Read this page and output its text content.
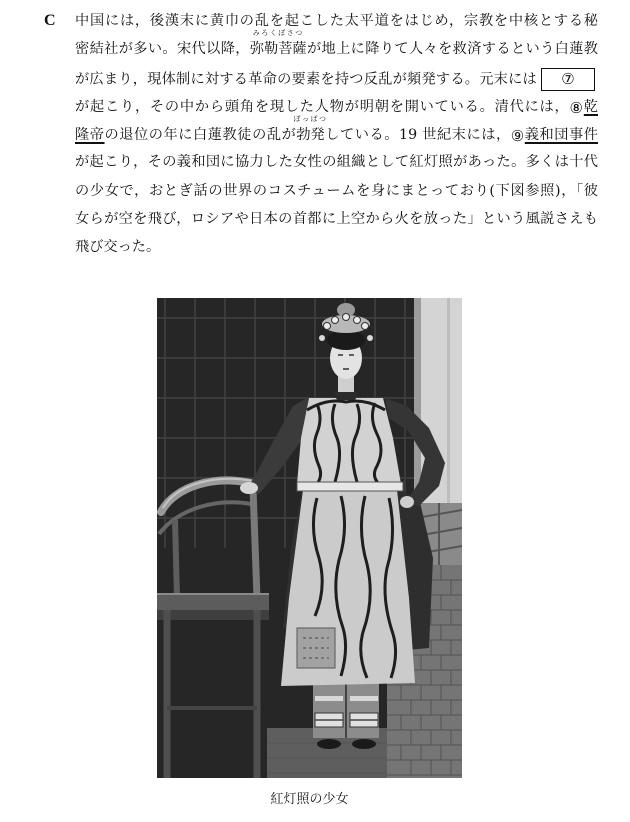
C 中国には，後漢末に黄巾の乱を起こした太平道をはじめ，宗教を中核とする秘
密結社が多い。宋代以降，弥勒菩薩
みろくぼさつ
が地上に降りて人々を救済するという白蓮教
が広まり，現体制に対する革命の要素を持つ反乱が頻発する。元末には ⑦
が起こり，その中から頭角を現した人物が明朝を開いている。清代には，⑧乾
隆帝の退位の年に白蓮教徒の乱が勃発
ぼっぱつ
している。19 世紀末には，⑨義和団事件
が起こり，その義和団に協力した女性の組織として紅灯照があった。多くは十代
の少女で，おとぎ話の世界のコスチュームを身にまとっており(下図参照)，「彼
女らが空を飛び，ロシアや日本の首都に上空から火を放った」という風説さえも
飛び交った。
紅灯照の少女
